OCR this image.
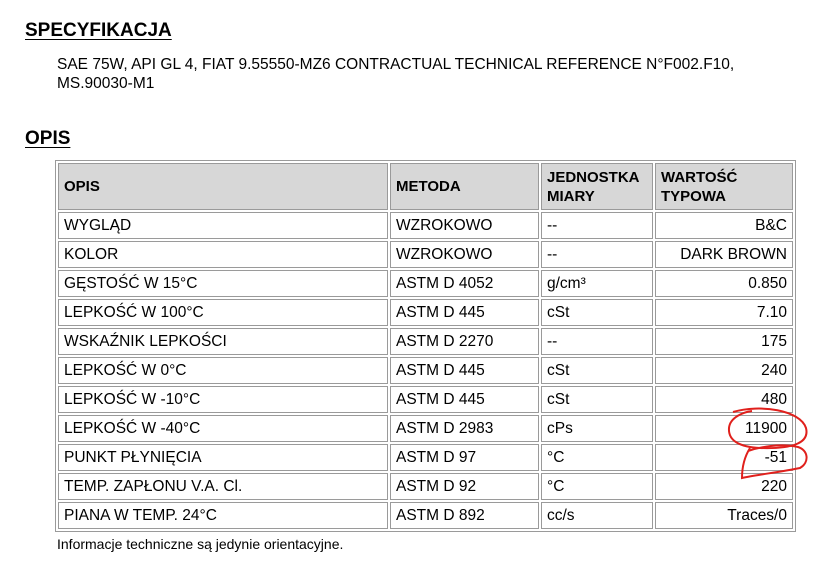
SPECYFIKACJA

SAE 75W, API GL 4, FIAT 9.55550-MZ6 CONTRACTUAL TECHNICAL REFERENCE N°F002.F10, MS.90030-M1

OPIS
OPIS	METODA	JEDNOSTKA MIARY	WARTOŚĆ TYPOWA
WYGLĄD	WZROKOWO	--	B&C
KOLOR	WZROKOWO	--	DARK BROWN
GĘSTOŚĆ W 15°C	ASTM D 4052	g/cm³	0.850
LEPKOŚĆ W 100°C	ASTM D 445	cSt	7.10
WSKAŹNIK LEPKOŚCI	ASTM D 2270	--	175
LEPKOŚĆ W 0°C	ASTM D 445	cSt	240
LEPKOŚĆ W -10°C	ASTM D 445	cSt	480
LEPKOŚĆ W -40°C	ASTM D 2983	cPs	11900
PUNKT PŁYNIĘCIA	ASTM D 97	°C	-51
TEMP. ZAPŁONU V.A. Cl.	ASTM D 92	°C	220
PIANA W TEMP. 24°C	ASTM D 892	cc/s	Traces/0

Informacje techniczne są jedynie orientacyjne.
